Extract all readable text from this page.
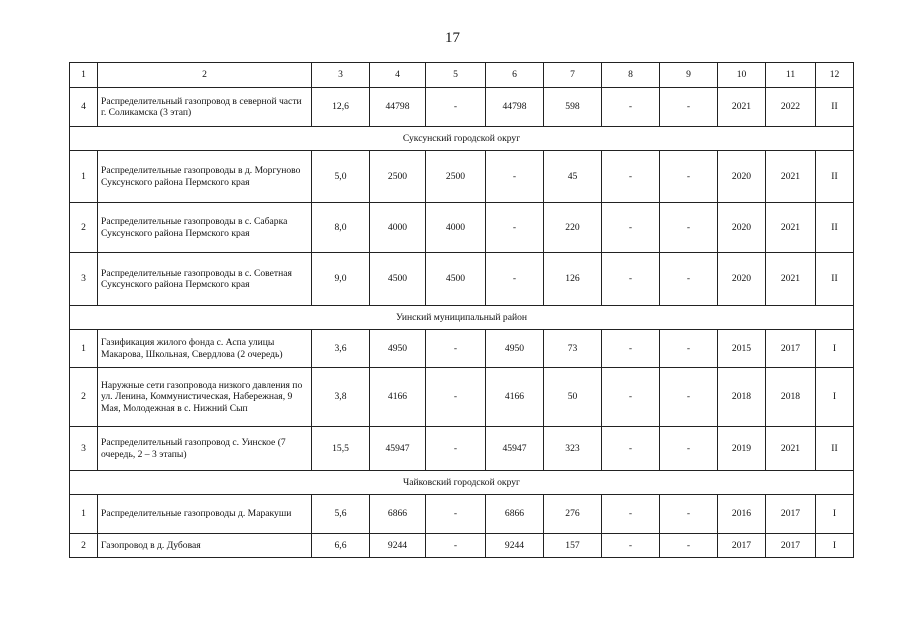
17
1	2	3	4	5	6	7	8	9	10	11	12
4	Распределительный газопровод в северной части г. Соликамска (3 этап)	12,6	44798	-	44798	598	-	-	2021	2022	II
Суксунский городской округ											
1	Распределительные газопроводы в д. Моргуново Суксунского района Пермского края	5,0	2500	2500	-	45	-	-	2020	2021	II
2	Распределительные газопроводы в с. Сабарка Суксунского района Пермского края	8,0	4000	4000	-	220	-	-	2020	2021	II
3	Распределительные газопроводы в с. Советная Суксунского района Пермского края	9,0	4500	4500	-	126	-	-	2020	2021	II
Уинский муниципальный район											
1	Газификация жилого фонда с. Аспа улицы Макарова, Школьная, Свердлова (2 очередь)	3,6	4950	-	4950	73	-	-	2015	2017	I
2	Наружные сети газопровода низкого давления по ул. Ленина, Коммунистическая, Набережная, 9 Мая, Молодежная в с. Нижний Сып	3,8	4166	-	4166	50	-	-	2018	2018	I
3	Распределительный газопровод с. Уинское (7 очередь, 2 – 3 этапы)	15,5	45947	-	45947	323	-	-	2019	2021	II
Чайковский городской округ											
1	Распределительные газопроводы д. Маракуши	5,6	6866	-	6866	276	-	-	2016	2017	I
2	Газопровод в д. Дубовая	6,6	9244	-	9244	157	-	-	2017	2017	I
